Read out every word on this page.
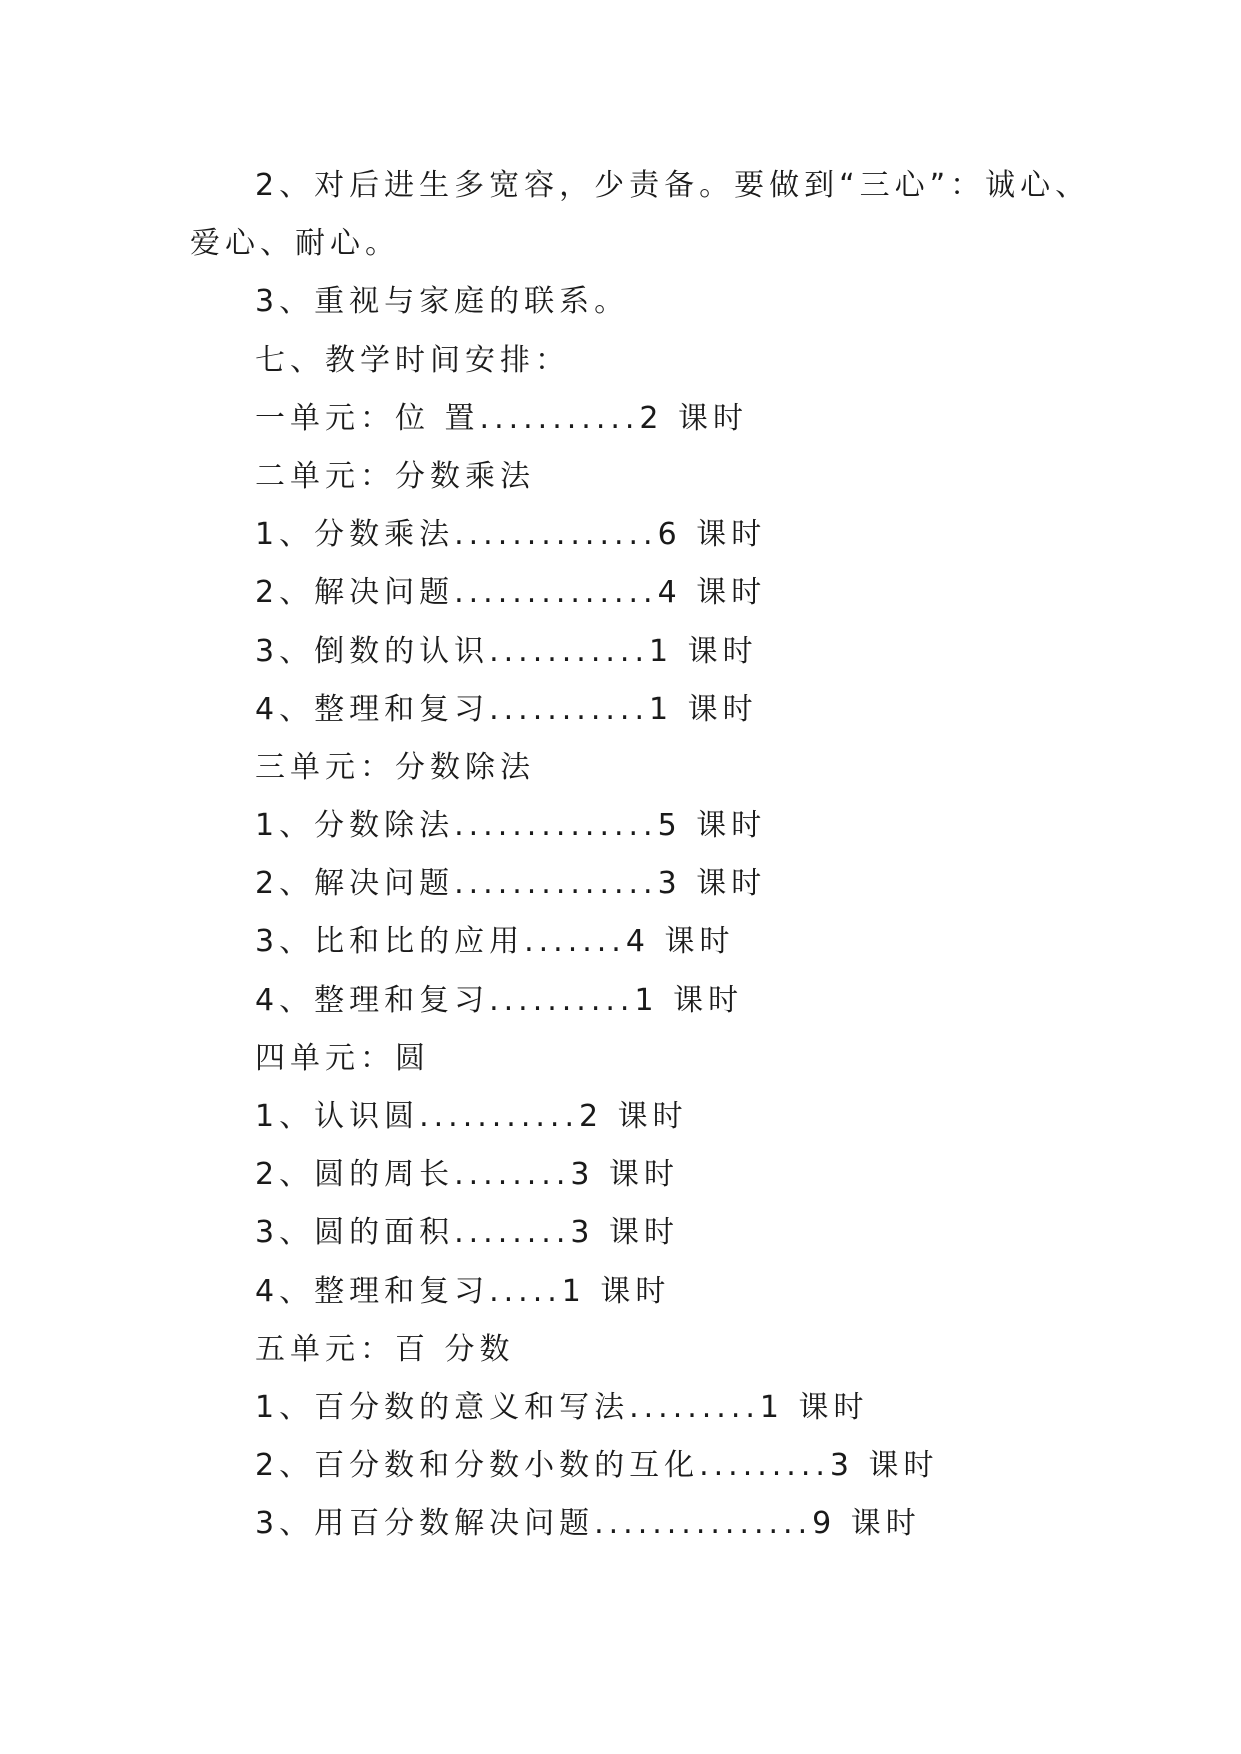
2、对后进生多宽容，少责备。要做到“三心”：诚心、
爱心、耐心。
3、重视与家庭的联系。
七、教学时间安排：
一单元：位 置...........2 课时
二单元：分数乘法
1、分数乘法..............6 课时
2、解决问题..............4 课时
3、倒数的认识...........1 课时
4、整理和复习...........1 课时
三单元：分数除法
1、分数除法..............5 课时
2、解决问题..............3 课时
3、比和比的应用.......4 课时
4、整理和复习..........1 课时
四单元：圆
1、认识圆...........2 课时
2、圆的周长........3 课时
3、圆的面积........3 课时
4、整理和复习.....1 课时
五单元：百 分数
1、百分数的意义和写法.........1 课时
2、百分数和分数小数的互化.........3 课时
3、用百分数解决问题...............9 课时
